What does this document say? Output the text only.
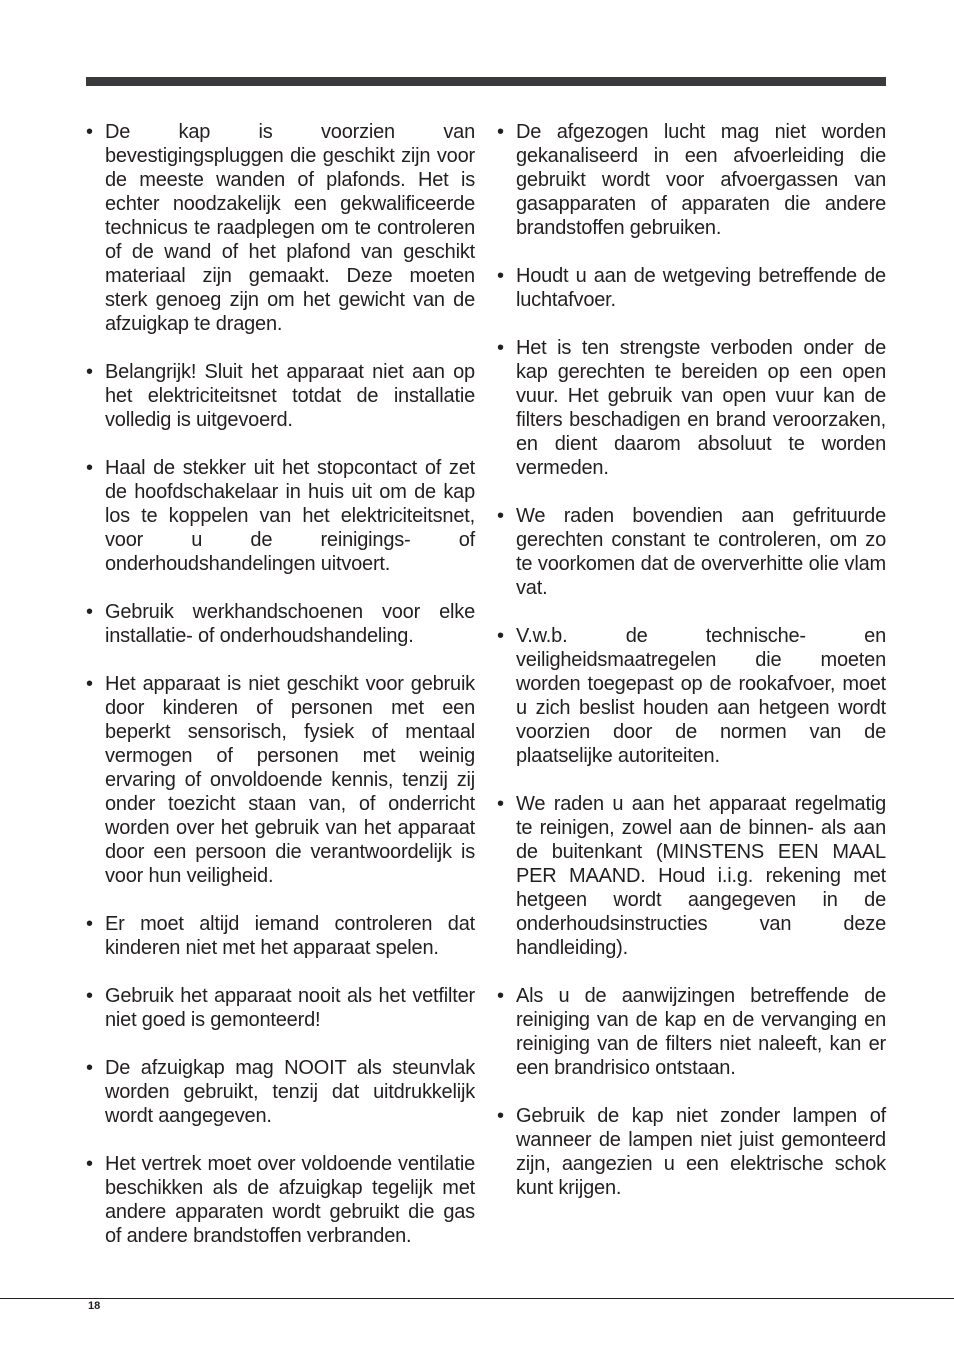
• De kap is voorzien van bevestigingspluggen die geschikt zijn voor de meeste wanden of plafonds. Het is echter noodzakelijk een gekwalificeerde technicus te raadplegen om te controleren of de wand of het plafond van geschikt materiaal zijn gemaakt. Deze moeten sterk genoeg zijn om het gewicht van de afzuigkap te dragen.
• Belangrijk! Sluit het apparaat niet aan op het elektriciteitsnet totdat de installatie volledig is uitgevoerd.
• Haal de stekker uit het stopcontact of zet de hoofdschakelaar in huis uit om de kap los te koppelen van het elektriciteitsnet, voor u de reinigings- of onderhoudshandelingen uitvoert.
• Gebruik werkhandschoenen voor elke installatie- of onderhoudshandeling.
• Het apparaat is niet geschikt voor gebruik door kinderen of personen met een beperkt sensorisch, fysiek of mentaal vermogen of personen met weinig ervaring of onvoldoende kennis, tenzij zij onder toezicht staan van, of onderricht worden over het gebruik van het apparaat door een persoon die verantwoordelijk is voor hun veiligheid.
• Er moet altijd iemand controleren dat kinderen niet met het apparaat spelen.
• Gebruik het apparaat nooit als het vetfilter niet goed is gemonteerd!
• De afzuigkap mag NOOIT als steunvlak worden gebruikt, tenzij dat uitdrukkelijk wordt aangegeven.
• Het vertrek moet over voldoende ventilatie beschikken als de afzuigkap tegelijk met andere apparaten wordt gebruikt die gas of andere brandstoffen verbranden.
• De afgezogen lucht mag niet worden gekanaliseerd in een afvoerleiding die gebruikt wordt voor afvoergassen van gasapparaten of apparaten die andere brandstoffen gebruiken.
• Houdt u aan de wetgeving betreffende de luchtafvoer.
• Het is ten strengste verboden onder de kap gerechten te bereiden op een open vuur. Het gebruik van open vuur kan de filters beschadigen en brand veroorzaken, en dient daarom absoluut te worden vermeden.
• We raden bovendien aan gefrituurde gerechten constant te controleren, om zo te voorkomen dat de oververhitte olie vlam vat.
• V.w.b. de technische- en veiligheidsmaatregelen die moeten worden toegepast op de rookafvoer, moet u zich beslist houden aan hetgeen wordt voorzien door de normen van de plaatselijke autoriteiten.
• We raden u aan het apparaat regelmatig te reinigen, zowel aan de binnen- als aan de buitenkant (MINSTENS EEN MAAL PER MAAND. Houd i.i.g. rekening met hetgeen wordt aangegeven in de onderhoudsinstructies van deze handleiding).
• Als u de aanwijzingen betreffende de reiniging van de kap en de vervanging en reiniging van de filters niet naleeft, kan er een brandrisico ontstaan.
• Gebruik de kap niet zonder lampen of wanneer de lampen niet juist gemonteerd zijn, aangezien u een elektrische schok kunt krijgen.
18
